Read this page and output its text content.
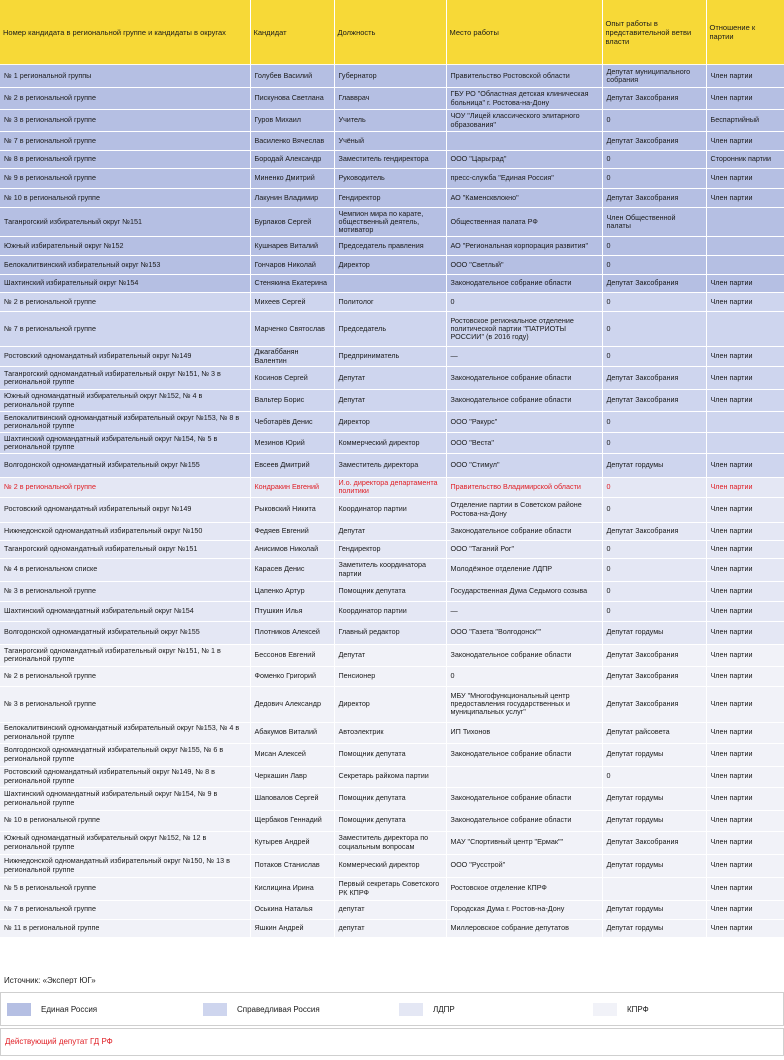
Номер кандидата в региональной группе и кандидаты в округах	Кандидат	Должность	Место работы	Опыт работы в представительной ветви власти	Отношение к партии
№ 1 региональной группы	Голубев Василий	Губернатор	Правительство Ростовской области	Депутат муниципального собрания	Член партии
№ 2 в региональной группе	Пискунова Светлана	Главврач	ГБУ РО "Областная детская клиническая больница" г. Ростова-на-Дону	Депутат Заксобрания	Член партии
№ 3 в региональной группе	Гуров Михаил	Учитель	ЧОУ "Лицей классического элитарного образования"	0	Беспартийный
№ 7 в региональной группе	Василенко Вячеслав	Учёный		Депутат Заксобрания	Член партии
№ 8 в региональной группе	Бородай Александр	Заместитель гендиректора	ООО "Царьград"	0	Сторонник партии
№ 9 в региональной группе	Миненко Дмитрий	Руководитель	пресс-служба "Единая Россия"	0	Член партии
№ 10 в региональной группе	Лакунин Владимир	Гендиректор	АО "Каменсквлокно"	Депутат Заксобрания	Член партии
Таганрогский избирательный округ №151	Бурлаков Сергей	Чемпион мира по карате, общественный деятель, мотиватор	Общественная палата РФ	Член Общественной палаты	
Южный избирательный округ №152	Кушнарев Виталий	Председатель правления	АО "Региональная корпорация развития"	0	
Белокалитвинский избирательный округ №153	Гончаров Николай	Директор	ООО "Светлый"	0	
Шахтинский избирательный округ №154	Стенякина Екатерина		Законодательное собрание области	Депутат Заксобрания	Член партии
№ 2 в региональной группе	Михеев Сергей	Политолог	0	0	Член партии
№ 7 в региональной группе	Марченко Святослав	Председатель	Ростовское региональное отделение политической партии "ПАТРИОТЫ РОССИИ" (в 2016 году)	0	
Ростовский одномандатный избирательный округ №149	Джагаббанян Валентин	Предприниматель	—	0	Член партии
Таганрогский одномандатный избирательный округ №151, № 3 в региональной группе	Косинов Сергей	Депутат	Законодательное собрание области	Депутат Заксобрания	Член партии
Южный одномандатный избирательный округ №152, № 4 в региональной группе	Вальтер Борис	Депутат	Законодательное собрание области	Депутат Заксобрания	Член партии
Белокалитвинский одномандатный избирательный округ №153, № 8 в региональной группе	Чеботарёв Денис	Директор	ООО "Ракурс"	0	
Шахтинский одномандатный избирательный округ №154, № 5 в региональной группе	Мезинов Юрий	Коммерческий директор	ООО "Веста"	0	
Волгодонской одномандатный избирательный округ №155	Евсеев Дмитрий	Заместитель директора	ООО "Стимул"	Депутат гордумы	Член партии
№ 2 в региональной группе	Кондракин Евгений	И.о. директора департамента политики	Правительство Владимирской области	0	Член партии
Ростовский одномандатный избирательный округ №149	Рыковский Никита	Координатор партии	Отделение партии в Советском районе Ростова-на-Дону	0	Член партии
Нижнедонской одномандатный избирательный округ №150	Федяев Евгений	Депутат	Законодательное собрание области	Депутат Заксобрания	Член партии
Таганрогский одномандатный избирательный округ №151	Анисимов Николай	Гендиректор	ООО "Таганий Рог"	0	Член партии
№ 4 в региональном списке	Карасев Денис	Заметитель координатора партии	Молодёжное отделение ЛДПР	0	Член партии
№ 3 в региональной группе	Цапенко Артур	Помощник депутата	Государственная Дума Седьмого созыва	0	Член партии
Шахтинский одномандатный избирательный округ №154	Птушкин Илья	Координатор партии	—	0	Член партии
Волгодонской одномандатный избирательный округ №155	Плотников Алексей	Главный редактор	ООО "Газета "Волгодонск""	Депутат гордумы	Член партии
Таганрогский одномандатный избирательный округ №151, № 1 в региональной группе	Бессонов Евгений	Депутат	Законодательное собрание области	Депутат Заксобрания	Член партии
№ 2 в региональной группе	Фоменко Григорий	Пенсионер	0	Депутат Заксобрания	Член партии
№ 3 в региональной группе	Дедович Александр	Директор	МБУ "Многофункциональный центр предоставления государственных и муниципальных услуг"	Депутат Заксобрания	Член партии
Белокалитвинский одномандатный избирательный округ №153, № 4 в региональной группе	Абакумов Виталий	Автоэлектрик	ИП Тихонов	Депутат райсовета	Член партии
Волгодонской одномандатный избирательный округ №155, № 6 в региональной группе	Мисан Алексей	Помощник депутата	Законодательное собрание области	Депутат гордумы	Член партии
Ростовский одномандатный избирательный округ №149, № 8 в региональной группе	Черкашин Лавр	Секретарь райкома партии		0	Член партии
Шахтинский одномандатный избирательный округ №154, № 9 в региональной группе	Шаповалов Сергей	Помощник депутата	Законодательное собрание области	Депутат гордумы	Член партии
№ 10 в региональной группе	Щербаков Геннадий	Помощник депутата	Законодательное собрание области	Депутат гордумы	Член партии
Южный одномандатный избирательный округ №152, № 12 в региональной группе	Кутырев Андрей	Заместитель директора по социальным вопросам	МАУ "Спортивный центр "Ермак""	Депутат Заксобрания	Член партии
Нижнедонской одномандатный избирательный округ №150, № 13 в региональной группе	Потаков Станислав	Коммерческий директор	ООО "Русстрой"	Депутат гордумы	Член партии
№ 5 в региональной группе	Кислицина Ирина	Первый секретарь Советского РК КПРФ	Ростовское отделение КПРФ		Член партии
№ 7 в региональной группе	Оськина Наталья	депутат	Городская Дума г. Ростов-на-Дону	Депутат гордумы	Член партии
№ 11 в региональной группе	Яшкин Андрей	депутат	Миллеровское собрание депутатов	Депутат гордумы	Член партии
Источник: «Эксперт ЮГ»
Единая Россия	Справедливая Россия	ЛДПР	КПРФ
Действующий депутат ГД РФ
